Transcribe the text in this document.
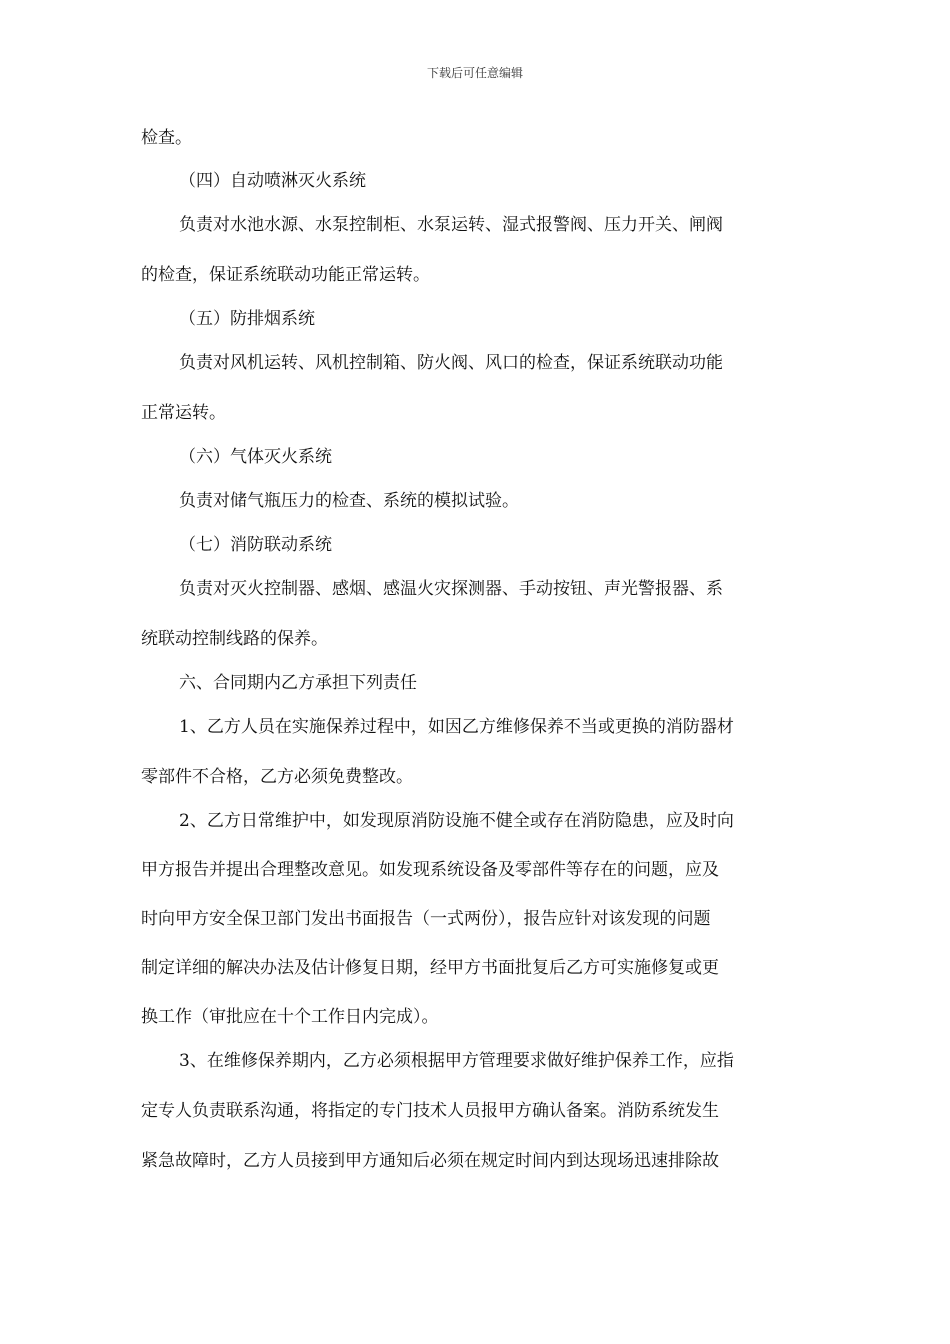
下载后可任意编辑
检查。
（四）自动喷淋灭火系统
负责对水池水源、水泵控制柜、水泵运转、湿式报警阀、压力开关、闸阀
的检查，保证系统联动功能正常运转。
（五）防排烟系统
负责对风机运转、风机控制箱、防火阀、风口的检查，保证系统联动功能
正常运转。
（六）气体灭火系统
负责对储气瓶压力的检查、系统的模拟试验。
（七）消防联动系统
负责对灭火控制器、感烟、感温火灾探测器、手动按钮、声光警报器、系
统联动控制线路的保养。
六、合同期内乙方承担下列责任
1、乙方人员在实施保养过程中，如因乙方维修保养不当或更换的消防器材
零部件不合格，乙方必须免费整改。
2、乙方日常维护中，如发现原消防设施不健全或存在消防隐患，应及时向
甲方报告并提出合理整改意见。如发现系统设备及零部件等存在的问题，应及
时向甲方安全保卫部门发出书面报告（一式两份），报告应针对该发现的问题
制定详细的解决办法及估计修复日期，经甲方书面批复后乙方可实施修复或更
换工作（审批应在十个工作日内完成）。
3、在维修保养期内，乙方必须根据甲方管理要求做好维护保养工作，应指
定专人负责联系沟通，将指定的专门技术人员报甲方确认备案。消防系统发生
紧急故障时，乙方人员接到甲方通知后必须在规定时间内到达现场迅速排除故
